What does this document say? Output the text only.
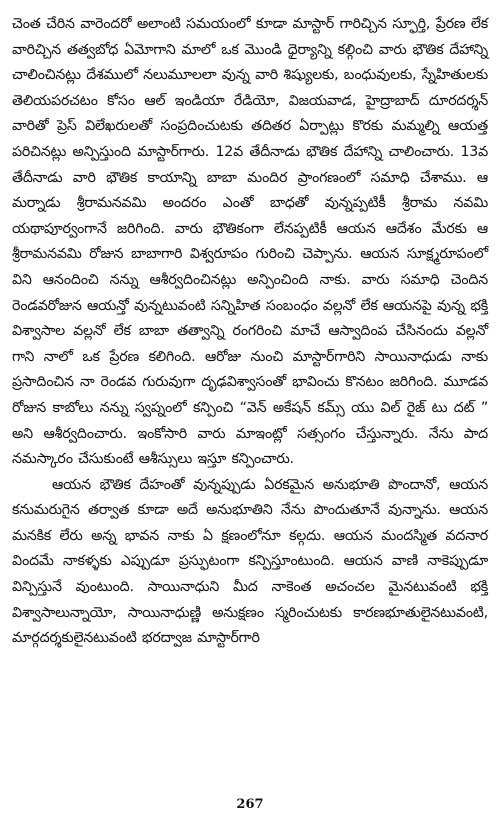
చెంత చేరిన వారెందరో అలాంటి సమయంలో కూడా మాస్టార్ గారిచ్చిన స్ఫూర్తి, ప్రేరణ లేక వారిచ్చిన తత్వబోధ ఏమోగాని మాలో ఒక మొండి ధైర్యాన్ని కల్గించి వారు భౌతిక దేహాన్ని చాలించినట్లు దేశములో నలుమూలలా వున్న వారి శిష్యులకు, బంధువులకు, స్నేహితులకు తెలియపరచటం కోసం ఆల్ ఇండియా రేడియో, విజయవాడ, హైద్రాబాద్ దూరదర్శన్ వారితో ప్రెస్ విలేఖరులతో సంప్రదించుటకు తదితర ఏర్పాట్లు కొరకు మమ్మల్ని ఆయత్త పరిచినట్లు అన్పిస్తుంది మాస్టార్‌గారు. 12వ తేదీనాడు భౌతిక దేహాన్ని చాలించారు. 13వ తేదీనాడు వారి భౌతిక కాయాన్ని బాబా మందిర ప్రాంగణంలో సమాధి చేశాము. ఆ మర్నాడు శ్రీరామనవమి అందరం ఎంతో బాధతో వున్నప్పటికీ శ్రీరామ నవమి యథాపూర్వంగానే జరిగింది. వారు భౌతికంగా లేనప్పటికీ ఆయన ఆదేశం మేరకు ఆ శ్రీరామనవమి రోజున బాబాగారి విశ్వరూపం గురించి చెప్పాను. ఆయన సూక్ష్మరూపంలో విని ఆనందించి నన్ను ఆశీర్వదించినట్లు అన్పించింది నాకు. వారు సమాధి చెందిన రెండవరోజున ఆయన్తో వున్నటువంటి సన్నిహిత సంబంధం వల్లనో లేక ఆయనపై వున్న భక్తి విశ్వాసాల వల్లనో లేక బాబా తత్వాన్ని రంగరించి మాచే ఆస్వాదింప చేసినందు వల్లనో గాని నాలో ఒక ప్రేరణ కలిగింది. ఆరోజు నుంచి మాస్టార్‌గారిని సాయినాధుడు నాకు ప్రసాదించిన నా రెండవ గురువుగా దృఢవిశ్వాసంతో భావించు కొనటం జరిగింది. మూడవ రోజున కాబోలు నన్ను స్వప్నంలో కన్పించి “వెన్ అకేషన్ కమ్స్ యు విల్ రైజ్ టు దట్ ” అని ఆశీర్వదించారు. ఇంకోసారి వారు మాఇంట్లో సత్సంగం చేస్తున్నారు. నేను పాద నమస్కారం చేసుకుంటే ఆశీస్సులు ఇస్తూ కన్పించారు.

ఆయన భౌతిక దేహంతో వున్నప్పుడు ఏరకమైన అనుభూతి పొందానో, ఆయన కనుమరుగైన తర్వాత కూడా అదే అనుభూతిని నేను పొందుతూనే వున్నాను. ఆయన మనకిక లేరు అన్న భావన నాకు ఏ క్షణంలోనూ కల్గదు. ఆయన మందస్మిత వదనార విందమే నాకళ్ళకు ఎప్పుడూ ప్రస్ఫుటంగా కన్పిస్తూంటుంది. ఆయన వాణి నాకెప్పుడూ విన్పిస్తునే వుంటుంది. సాయినాధుని మీద నాకెంత అచంచల మైనటువంటి భక్తి విశ్వాసాలున్నాయో, సాయినాధుణ్ణి అనుక్షణం స్మరించుటకు కారణభూతులైనటువంటి, మార్గదర్శకులైనటువంటి భరద్వాజ మాస్టార్‌గారి

267
